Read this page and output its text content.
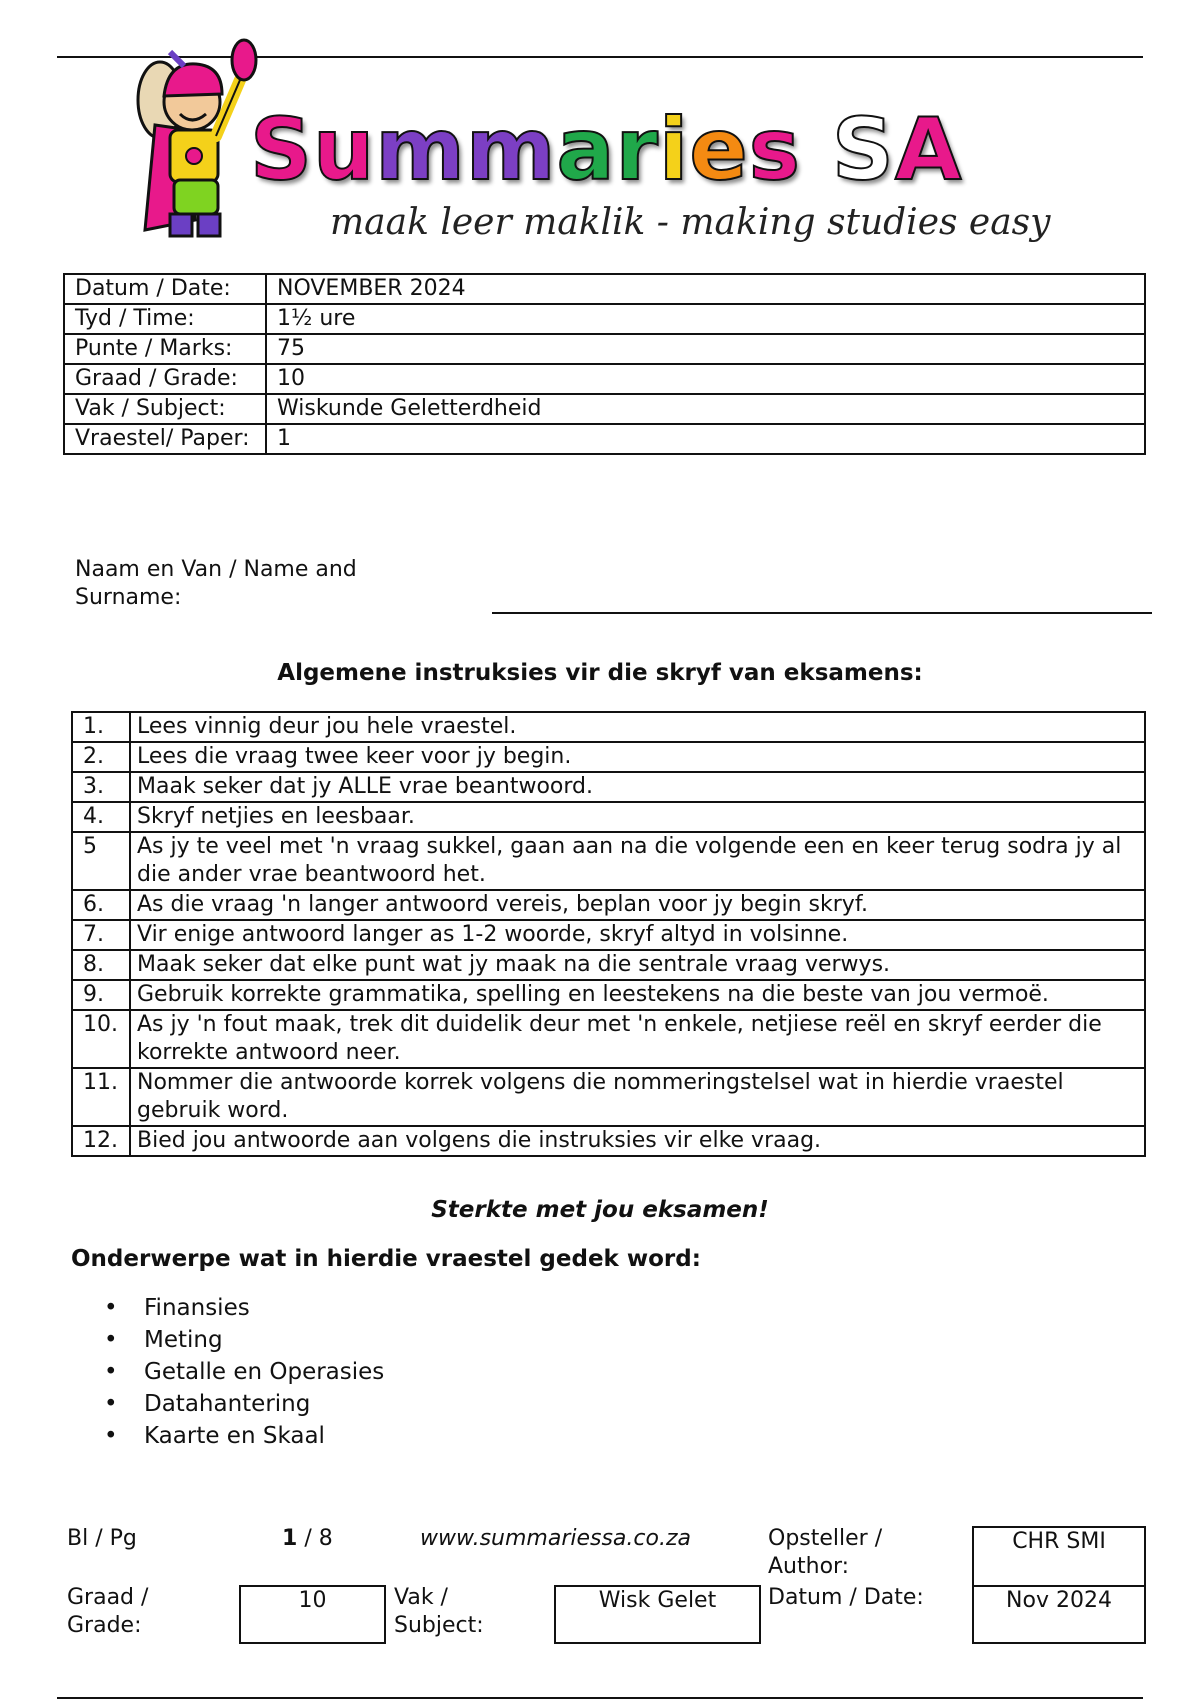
Summaries SA
maak leer maklik - making studies easy
Datum / Date:	NOVEMBER 2024
Tyd / Time:	1½ ure
Punte / Marks:	75
Graad / Grade:	10
Vak / Subject:	Wiskunde Geletterdheid
Vraestel/ Paper:	1
Naam en Van / Name and Surname:
Algemene instruksies vir die skryf van eksamens:
1.	Lees vinnig deur jou hele vraestel.
2.	Lees die vraag twee keer voor jy begin.
3.	Maak seker dat jy ALLE vrae beantwoord.
4.	Skryf netjies en leesbaar.
5	As jy te veel met 'n vraag sukkel, gaan aan na die volgende een en keer terug sodra jy al die ander vrae beantwoord het.
6.	As die vraag 'n langer antwoord vereis, beplan voor jy begin skryf.
7.	Vir enige antwoord langer as 1-2 woorde, skryf altyd in volsinne.
8.	Maak seker dat elke punt wat jy maak na die sentrale vraag verwys.
9.	Gebruik korrekte grammatika, spelling en leestekens na die beste van jou vermoë.
10.	As jy 'n fout maak, trek dit duidelik deur met 'n enkele, netjiese reël en skryf eerder die korrekte antwoord neer.
11.	Nommer die antwoorde korrek volgens die nommeringstelsel wat in hierdie vraestel gebruik word.
12.	Bied jou antwoorde aan volgens die instruksies vir elke vraag.
Sterkte met jou eksamen!
Onderwerpe wat in hierdie vraestel gedek word:
• Finansies
• Meting
• Getalle en Operasies
• Datahantering
• Kaarte en Skaal
Bl / Pg	1 / 8	www.summariessa.co.za	Opsteller / Author:
CHR SMI
Graad / Grade:
10	Vak / Subject:
Wisk Gelet	Datum / Date:	Nov 2024
